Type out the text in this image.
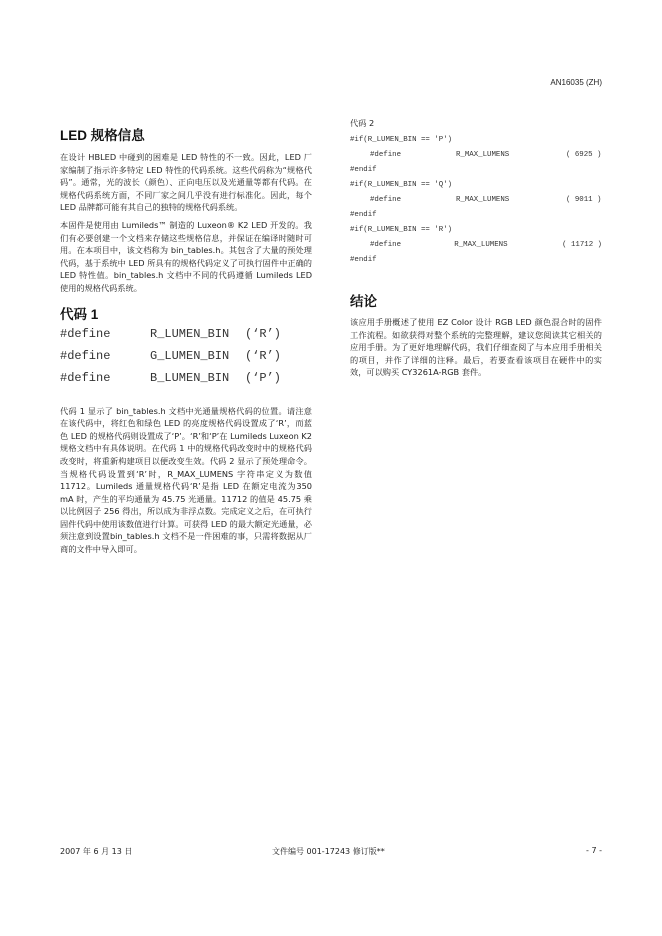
AN16035 (ZH)
LED 规格信息

在设计 HBLED 中碰到的困难是 LED 特性的不一致。因此，LED 厂家编制了指示许多特定 LED 特性的代码系统。这些代码称为“规格代码”。通常，光的波长（颜色）、正向电压以及光通量等都有代码。在规格代码系统方面，不同厂家之间几乎没有进行标准化。因此，每个 LED 品牌都可能有其自己的独特的规格代码系统。

本固件是使用由 Lumileds™ 制造的 Luxeon® K2 LED 开发的。我们有必要创建一个文档来存储这些规格信息，并保证在编译时随时可用。在本项目中，该文档称为 bin_tables.h。其包含了大量的预处理代码，基于系统中 LED 所具有的规格代码定义了可执行固件中正确的 LED 特性值。bin_tables.h 文档中不同的代码遵循 Lumileds LED 使用的规格代码系统。

代码 1
#define	R_LUMEN_BIN	(‘R’)
#define	G_LUMEN_BIN	(‘R’)
#define	B_LUMEN_BIN	(‘P’)

代码 1 显示了 bin_tables.h 文档中光通量规格代码的位置。请注意在该代码中，将红色和绿色 LED 的亮度规格代码设置成了‘R’，而蓝色 LED 的规格代码则设置成了‘P’。‘R’和‘P’在 Lumileds Luxeon K2 规格文档中有具体说明。在代码 1 中的规格代码改变时中的规格代码改变时，将重新构建项目以便改变生效。代码 2 显示了预处理命令。当规格代码设置到‘R’时，R_MAX_LUMENS 字符串定义为数值11712。Lumileds 通量规格代码‘R’是指 LED 在额定电流为350 mA 时，产生的平均通量为 45.75 光通量。11712 的值是 45.75 乘以比例因子 256 得出，所以成为非浮点数。完成定义之后，在可执行固件代码中使用该数值进行计算。可获得 LED 的最大额定光通量，必须注意到设置bin_tables.h 文档不是一件困难的事，只需将数据从厂商的文件中导入即可。

代码 2
#if(R_LUMEN_BIN == 'P')
#define	R_MAX_LUMENS	( 6925 )
#endif
#if(R_LUMEN_BIN == 'Q')
#define	R_MAX_LUMENS	( 9011 )
#endif
#if(R_LUMEN_BIN == 'R')
#define	R_MAX_LUMENS	( 11712 )
#endif
结论

该应用手册概述了使用 EZ Color 设计 RGB LED 颜色混合时的固件工作流程。如欲获得对整个系统的完整理解，建议您阅读其它相关的应用手册。为了更好地理解代码，我们仔细查阅了与本应用手册相关的项目，并作了详细的注释。最后，若要查看该项目在硬件中的实效，可以购买 CY3261A-RGB 套件。

2007 年 6 月 13 日	文件编号 001-17243 修订版**	- 7 -
